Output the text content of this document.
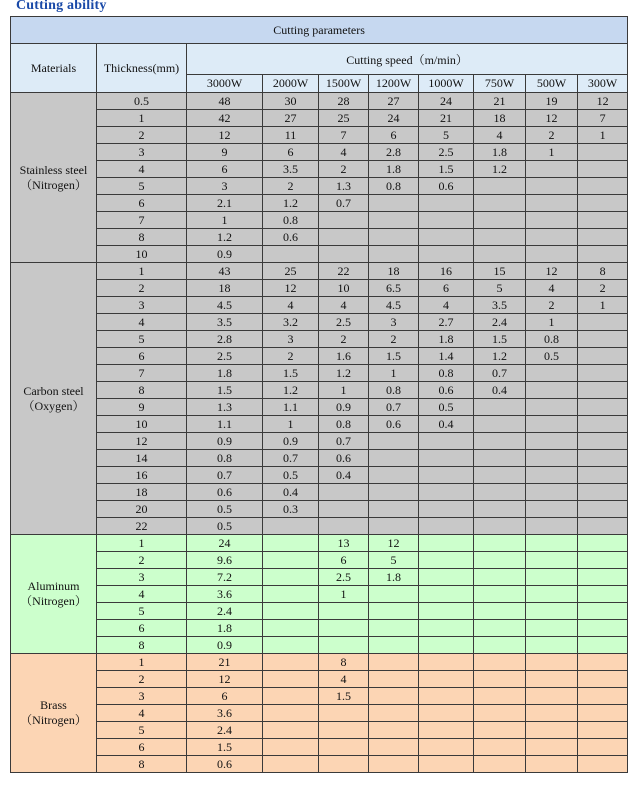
Cutting ability
Cutting parameters									
Materials	Thickness(mm)	Cutting speed（m/min）							
		3000W	2000W	1500W	1200W	1000W	750W	500W	300W

Stainless steel
（Nitrogen）	0.5	48	30	28	27	24	21	19	12
	1	42	27	25	24	21	18	12	7
	2	12	11	7	6	5	4	2	1
	3	9	6	4	2.8	2.5	1.8	1	
	4	6	3.5	2	1.8	1.5	1.2		
	5	3	2	1.3	0.8	0.6			
	6	2.1	1.2	0.7					
	7	1	0.8						
	8	1.2	0.6						
	10	0.9							

Carbon steel
（Oxygen）	1	43	25	22	18	16	15	12	8
	2	18	12	10	6.5	6	5	4	2
	3	4.5	4	4	4.5	4	3.5	2	1
	4	3.5	3.2	2.5	3	2.7	2.4	1	
	5	2.8	3	2	2	1.8	1.5	0.8	
	6	2.5	2	1.6	1.5	1.4	1.2	0.5	
	7	1.8	1.5	1.2	1	0.8	0.7		
	8	1.5	1.2	1	0.8	0.6	0.4		
	9	1.3	1.1	0.9	0.7	0.5			
	10	1.1	1	0.8	0.6	0.4			
	12	0.9	0.9	0.7					
	14	0.8	0.7	0.6					
	16	0.7	0.5	0.4					
	18	0.6	0.4						
	20	0.5	0.3						
	22	0.5							

Aluminum
（Nitrogen）	1	24		13	12				
	2	9.6		6	5				
	3	7.2		2.5	1.8				
	4	3.6		1					
	5	2.4							
	6	1.8							
	8	0.9							

Brass
（Nitrogen）	1	21		8					
	2	12		4					
	3	6		1.5					
	4	3.6							
	5	2.4							
	6	1.5							
	8	0.6							
